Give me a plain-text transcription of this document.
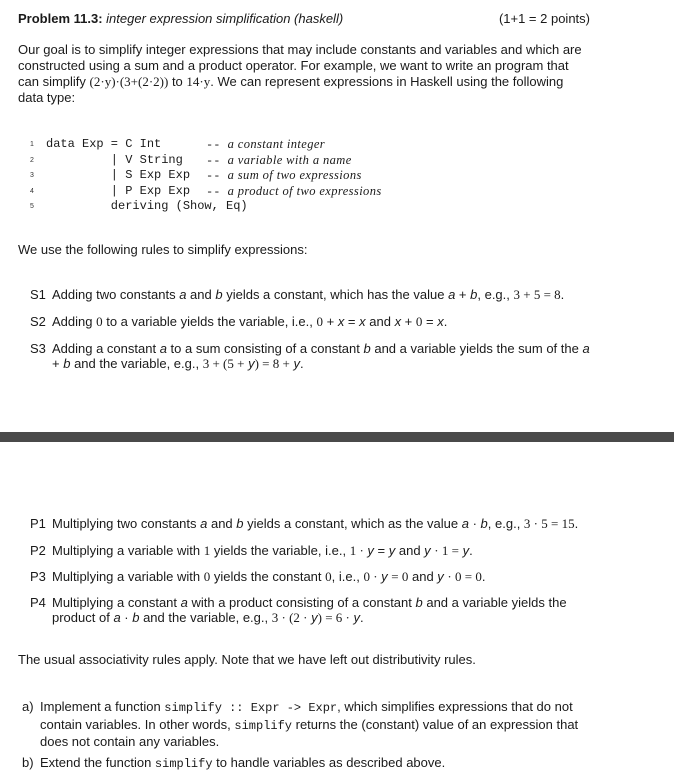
Problem 11.3: integer expression simplification (haskell)	(1+1 = 2 points)
Our goal is to simplify integer expressions that may include constants and variables and which are constructed using a sum and a product operator. For example, we want to write an program that can simplify (2·y)·(3+(2·2)) to 14·y. We can represent expressions in Haskell using the following data type:
1	data Exp = C Int	-- a constant integer
2	| V String -- a variable with a name
3	| S Exp Exp -- a sum of two expressions
4	| P Exp Exp -- a product of two expressions
5	deriving (Show, Eq)
We use the following rules to simplify expressions:
S1 Adding two constants a and b yields a constant, which has the value a + b, e.g., 3 + 5 = 8.
S2 Adding 0 to a variable yields the variable, i.e., 0 + x = x and x + 0 = x.
S3 Adding a constant a to a sum consisting of a constant b and a variable yields the sum of the a + b and the variable, e.g., 3 + (5 + y) = 8 + y.
P1 Multiplying two constants a and b yields a constant, which as the value a · b, e.g., 3 · 5 = 15.
P2 Multiplying a variable with 1 yields the variable, i.e., 1 · y = y and y · 1 = y.
P3 Multiplying a variable with 0 yields the constant 0, i.e., 0 · y = 0 and y · 0 = 0.
P4 Multiplying a constant a with a product consisting of a constant b and a variable yields the product of a · b and the variable, e.g., 3 · (2 · y) = 6 · y.
The usual associativity rules apply. Note that we have left out distributivity rules.
a) Implement a function simplify :: Expr -> Expr, which simplifies expressions that do not contain variables. In other words, simplify returns the (constant) value of an expression that does not contain any variables.
b) Extend the function simplify to handle variables as described above.
